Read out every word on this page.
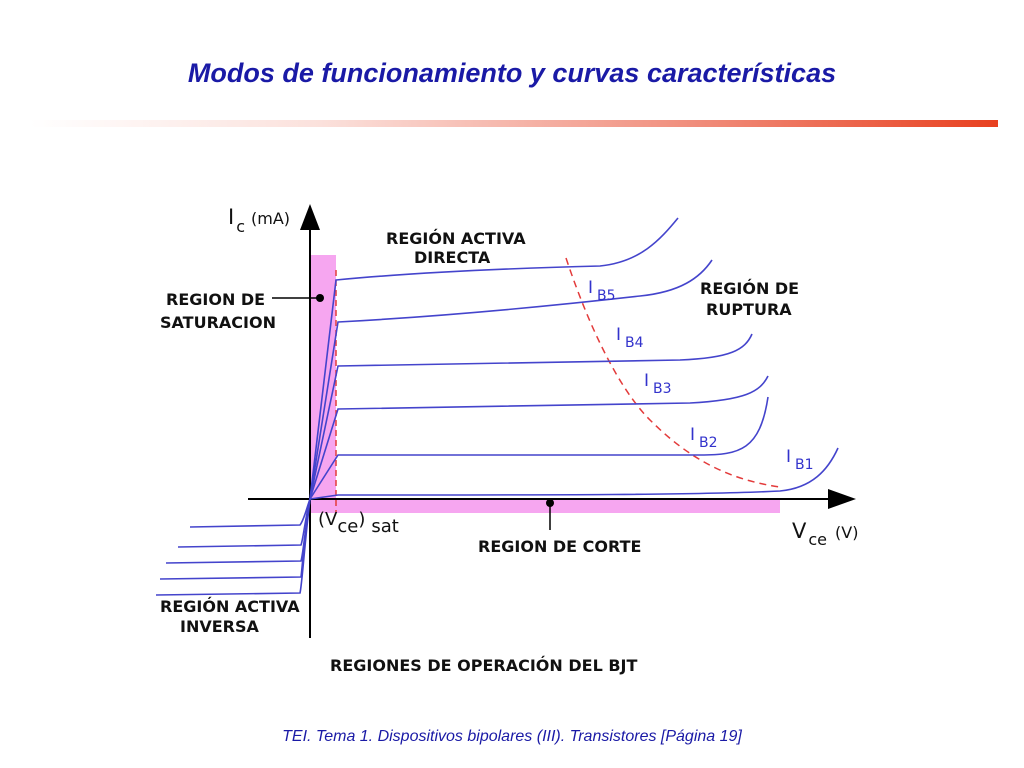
Modos de funcionamiento y curvas características
I c (mA)
V ce (V)
(Vce) sat
REGIÓN ACTIVA DIRECTA
REGION DE SATURACION
REGIÓN DE RUPTURA
REGION DE CORTE
REGIÓN ACTIVA INVERSA
I $_{B5}$
I $_{B4}$
I $_{B3}$
I $_{B2}$
I $_{B1}$
REGIONES DE OPERACIÓN DEL BJT
TEI. Tema 1. Dispositivos bipolares (III). Transistores [Página 19]
